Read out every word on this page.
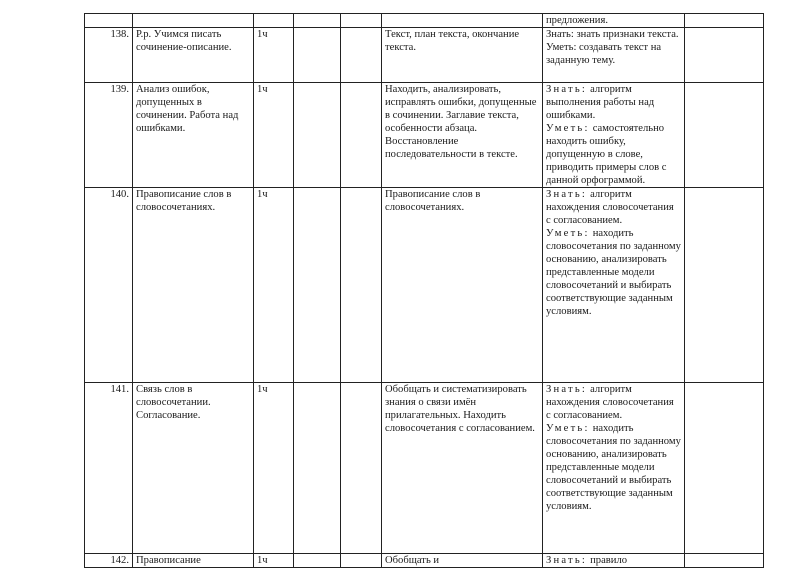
						предложения.	
138.	Р.р. Учимся писать сочинение-описание.	1ч			Текст, план текста, окончание текста.	Знать: знать признаки текста.
Уметь: создавать текст на заданную тему.	

139.	Анализ ошибок, допущенных в сочинении. Работа над ошибками.	1ч			Находить, анализировать, исправлять ошибки, допущенные в сочинении. Заглавие текста, особенности абзаца. Восстановление последовательности в тексте.	Знать:  алгоритм выполнения работы над ошибками.
Уметь:  самостоятельно находить ошибку, допущенную в слове, приводить примеры слов с данной орфограммой.	

140.	Правописание слов в словосочетаниях.	1ч			Правописание слов в словосочетаниях.	Знать:  алгоритм нахождения словосочетания с согласованием.
Уметь:  находить словосочетания по заданному основанию, анализировать представленные модели словосочетаний и выбирать соответствующие заданным условиям.	

141.	Связь слов в словосочетании. Согласование.	1ч			Обобщать и систематизировать знания о связи имён прилагательных. Находить словосочетания с согласованием.	Знать:  алгоритм нахождения словосочетания с согласованием.
Уметь:  находить словосочетания по заданному основанию, анализировать представленные модели словосочетаний и выбирать соответствующие заданным условиям.	

142.	Правописание	1ч			Обобщать и	Знать:  правило	
